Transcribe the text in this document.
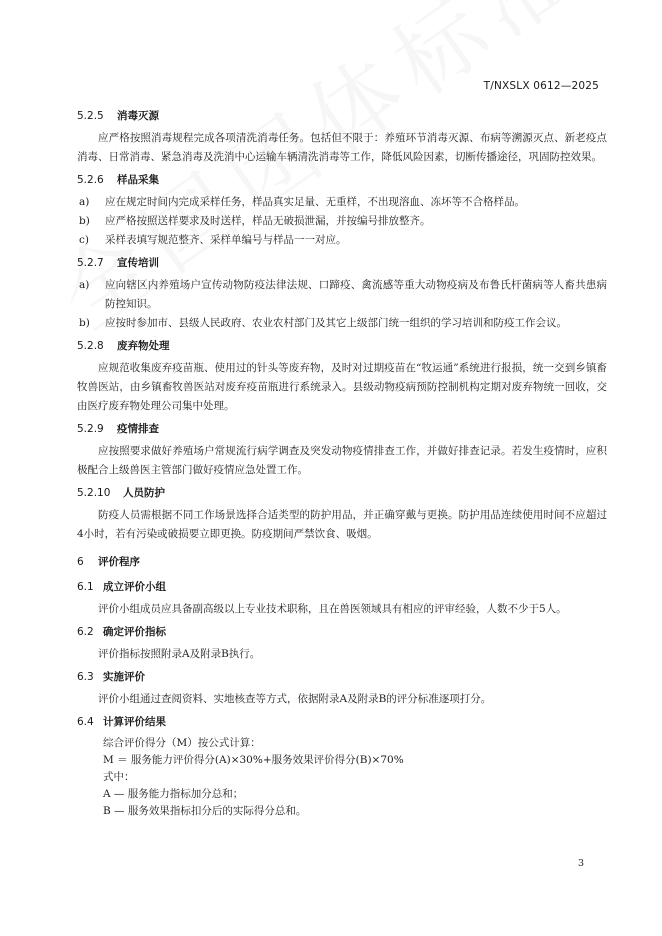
T/NXSLX 0612—2025
5.2.5 消毒灭源

应严格按照消毒规程完成各项清洗消毒任务。包括但不限于：养殖环节消毒灭源、布病等溯源灭点、新老疫点消毒、日常消毒、紧急消毒及洗消中心运输车辆清洗消毒等工作，降低风险因素，切断传播途径，巩固防控效果。

5.2.6 样品采集
a)	应在规定时间内完成采样任务，样品真实足量、无重样，不出现溶血、冻坏等不合格样品。
b)	应严格按照送样要求及时送样，样品无破损泄漏，并按编号排放整齐。
c)	采样表填写规范整齐、采样单编号与样品一一对应。
5.2.7 宣传培训
a)	应向辖区内养殖场户宣传动物防疫法律法规、口蹄疫、禽流感等重大动物疫病及布鲁氏杆菌病等人畜共患病防控知识。
b)	应按时参加市、县级人民政府、农业农村部门及其它上级部门统一组织的学习培训和防疫工作会议。
5.2.8 废弃物处理

应规范收集废弃疫苗瓶、使用过的针头等废弃物，及时对过期疫苗在“牧运通”系统进行报损，统一交到乡镇畜牧兽医站，由乡镇畜牧兽医站对废弃疫苗瓶进行系统录入。县级动物疫病预防控制机构定期对废弃物统一回收，交由医疗废弃物处理公司集中处理。

5.2.9 疫情排查

应按照要求做好养殖场户常规流行病学调查及突发动物疫情排查工作，并做好排查记录。若发生疫情时，应积极配合上级兽医主管部门做好疫情应急处置工作。

5.2.10 人员防护

防疫人员需根据不同工作场景选择合适类型的防护用品，并正确穿戴与更换。防护用品连续使用时间不应超过4小时，若有污染或破损要立即更换。防疫期间严禁饮食、吸烟。

6 评价程序
6.1 成立评价小组

评价小组成员应具备副高级以上专业技术职称，且在兽医领域具有相应的评审经验，人数不少于5人。

6.2 确定评价指标

评价指标按照附录A及附录B执行。

6.3 实施评价

评价小组通过查阅资料、实地核查等方式，依据附录A及附录B的评分标准逐项打分。

6.4 计算评价结果
综合评价得分（M）按公式计算：
M ＝ 服务能力评价得分(A)×30%+服务效果评价得分(B)×70%
式中：
A — 服务能力指标加分总和；
B — 服务效果指标扣分后的实际得分总和。
3
